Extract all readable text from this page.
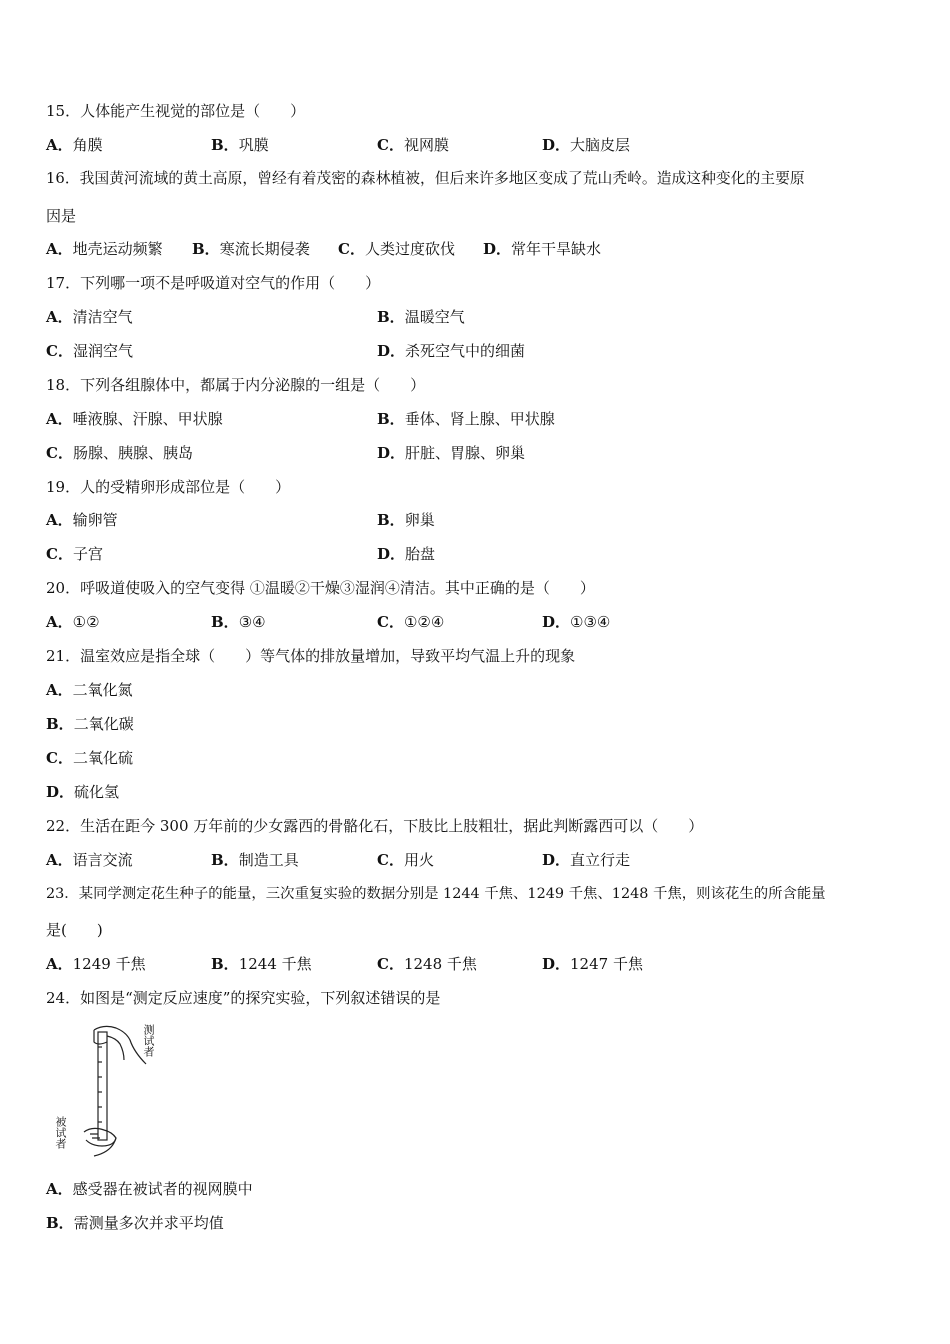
15．人体能产生视觉的部位是（　　）
A．角膜	B．巩膜	C．视网膜	D．大脑皮层
16．我国黄河流域的黄土高原，曾经有着茂密的森林植被，但后来许多地区变成了荒山秃岭。造成这种变化的主要原
因是
A．地壳运动频繁 B．寒流长期侵袭 C．人类过度砍伐 D．常年干旱缺水
17．下列哪一项不是呼吸道对空气的作用（　　）
A．清洁空气	B．温暖空气
C．湿润空气	D．杀死空气中的细菌
18．下列各组腺体中，都属于内分泌腺的一组是（　　）
A．唾液腺、汗腺、甲状腺	B．垂体、肾上腺、甲状腺
C．肠腺、胰腺、胰岛	D．肝脏、胃腺、卵巢
19．人的受精卵形成部位是（　　）
A．输卵管	B．卵巢
C．子宫	D．胎盘
20．呼吸道使吸入的空气变得 ①温暖②干燥③湿润④清洁。其中正确的是（　　）
A．①②	B．③④	C．①②④	D．①③④
21．温室效应是指全球（　　）等气体的排放量增加，导致平均气温上升的现象
A．二氧化氮
B．二氧化碳
C．二氧化硫
D．硫化氢
22．生活在距今 300 万年前的少女露西的骨骼化石，下肢比上肢粗壮，据此判断露西可以（　　）
A．语言交流	B．制造工具	C．用火	D．直立行走
23．某同学测定花生种子的能量，三次重复实验的数据分别是 1244 千焦、1249 千焦、1248 千焦，则该花生的所含能量
是(　　)
A．1249 千焦	B．1244 千焦	C．1248 千焦	D．1247 千焦
24．如图是“测定反应速度”的探究实验，下列叙述错误的是
测试者
被试者
A．感受器在被试者的视网膜中
B．需测量多次并求平均值
